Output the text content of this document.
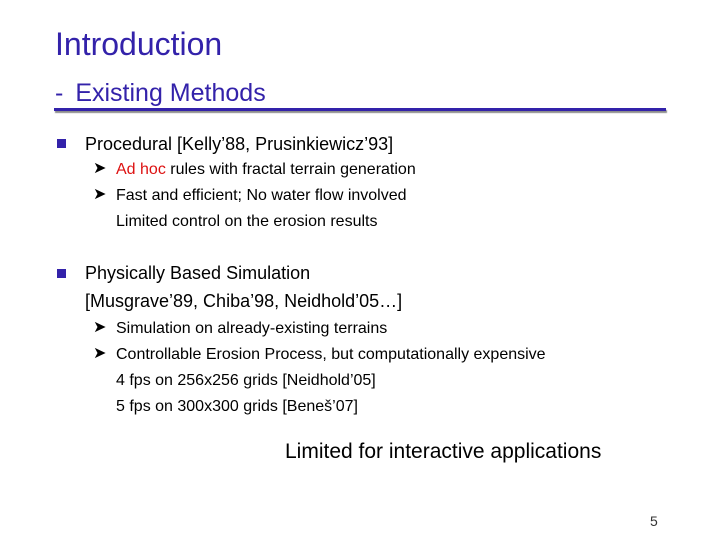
Introduction
- Existing Methods
Procedural [Kelly’88, Prusinkiewicz’93]
➤ Ad hoc rules with fractal terrain generation
➤ Fast and efficient; No water flow involved
Limited control on the erosion results
Physically Based Simulation
[Musgrave’89, Chiba’98, Neidhold’05…]
➤ Simulation on already-existing terrains
➤ Controllable Erosion Process, but computationally expensive
4 fps on 256x256 grids [Neidhold’05]
5 fps on 300x300 grids [Beneš’07]
Limited for interactive applications
5
